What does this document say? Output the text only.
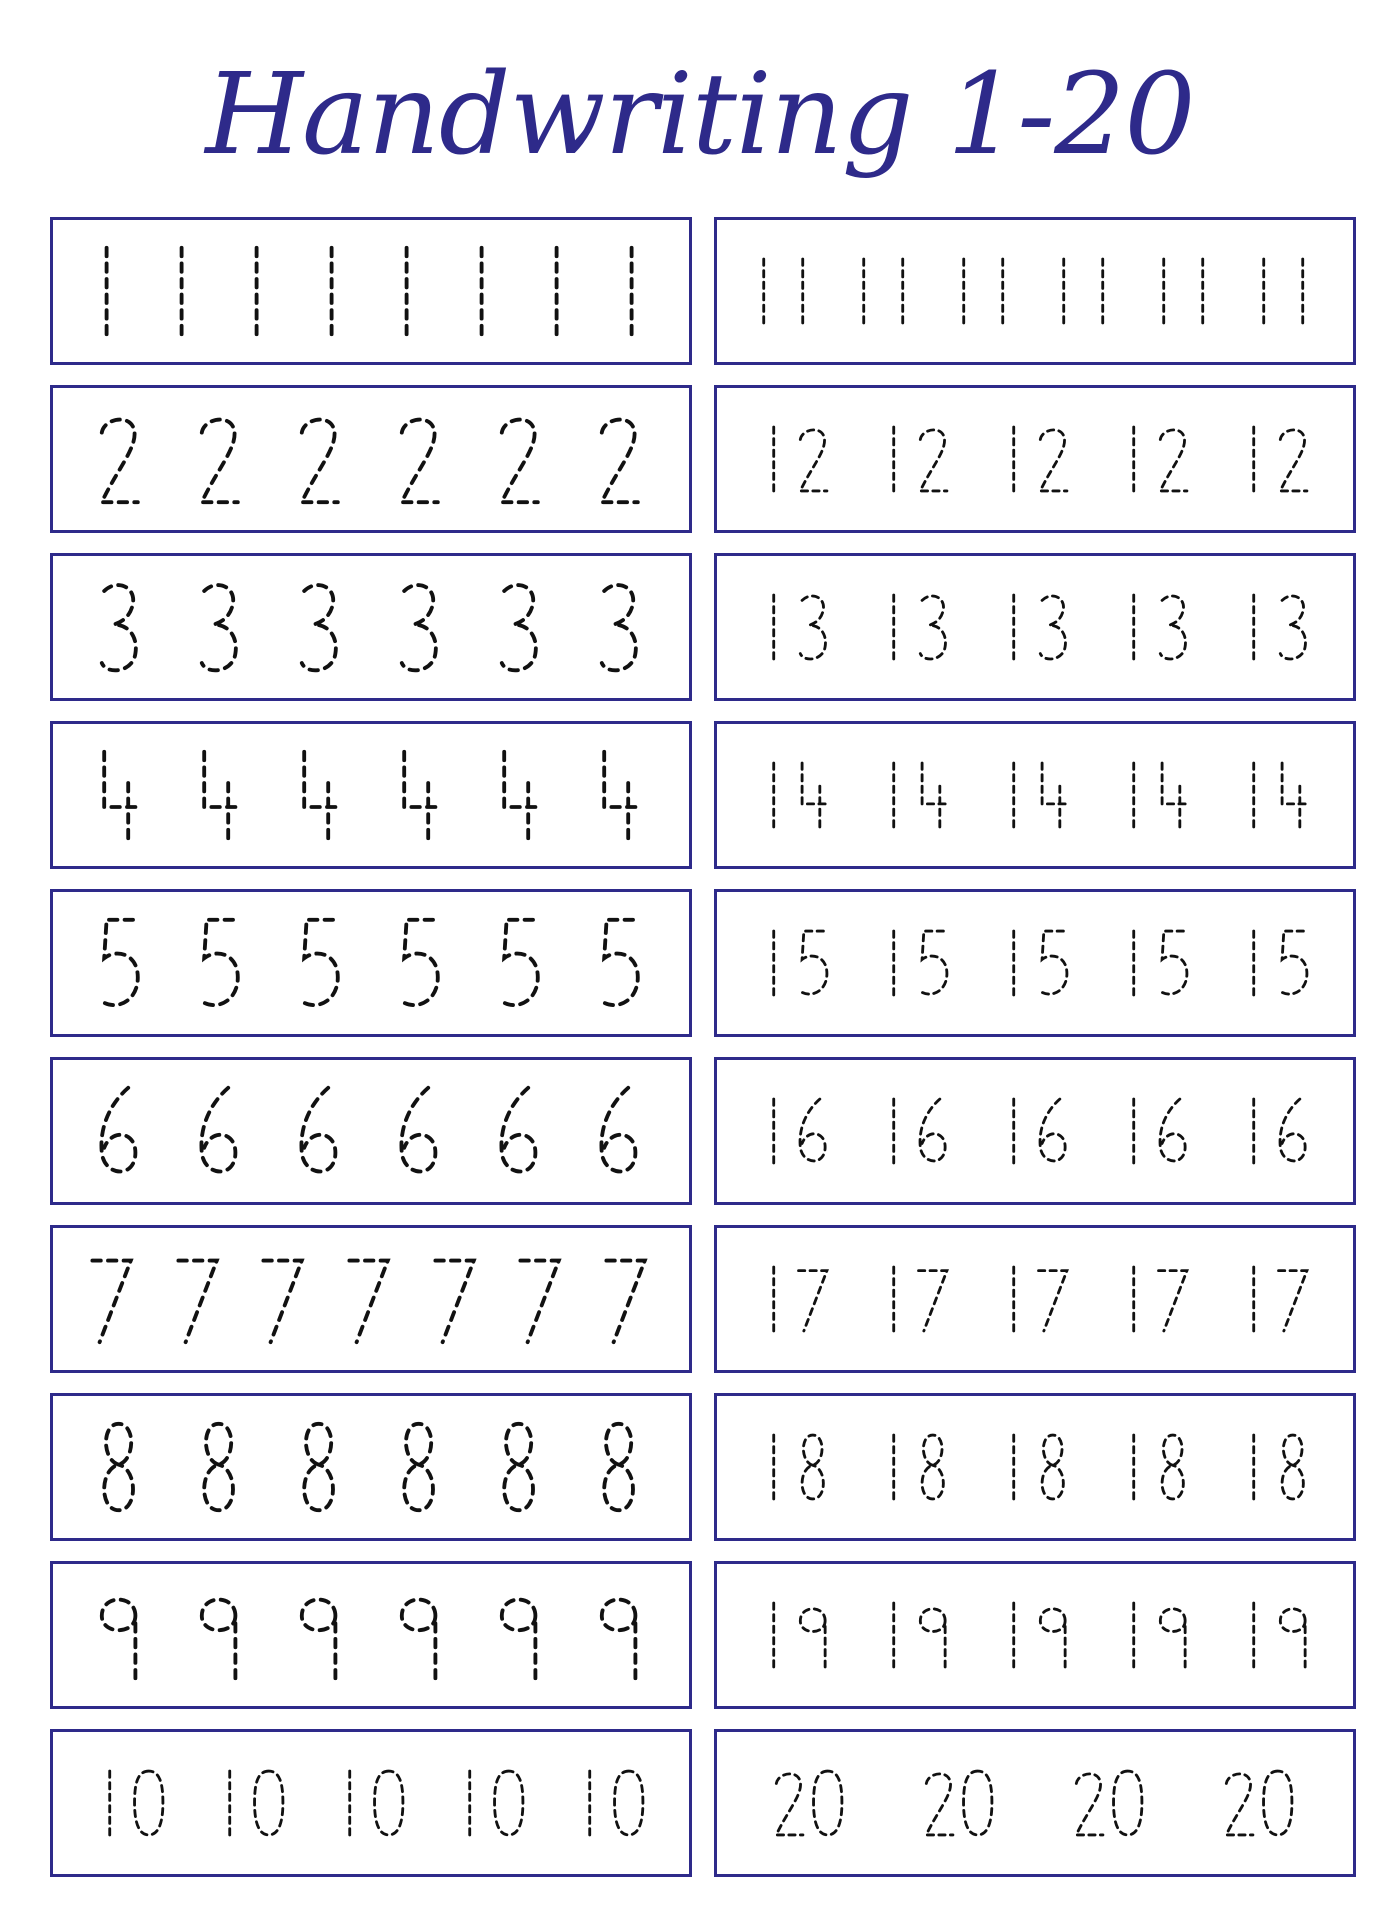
Handwriting 1-20
